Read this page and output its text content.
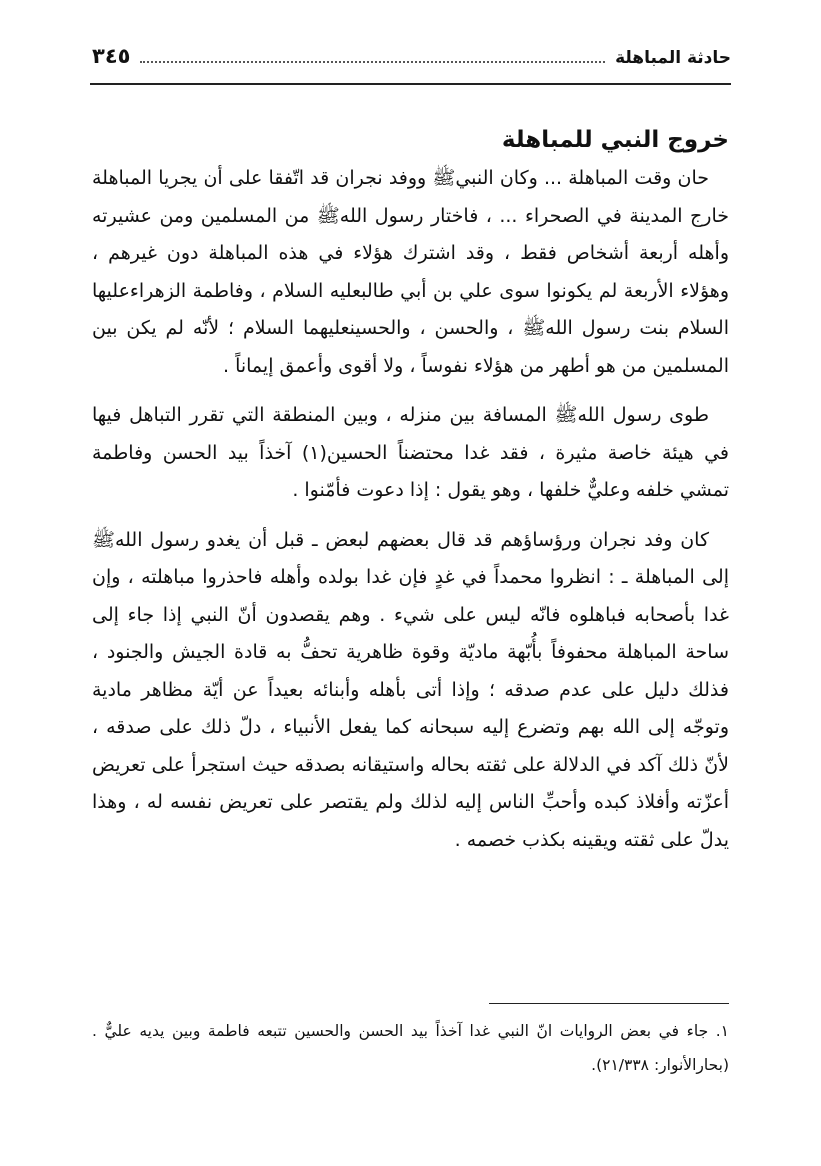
حادثة المباهلة
٣٤٥
خروج النبي للمباهلة

حان وقت المباهلة ... وكان النبيﷺ ووفد نجران قد اتّفقا على أن يجريا المباهلة خارج المدينة في الصحراء ... ، فاختار رسول اللهﷺ من المسلمين ومن عشيرته وأهله أربعة أشخاص فقط ، وقد اشترك هؤلاء في هذه المباهلة دون غيرهم ، وهؤلاء الأربعة لم يكونوا سوى علي بن أبي طالبعليه السلام ، وفاطمة الزهراءعليها السلام بنت رسول اللهﷺ ، والحسن ، والحسينعليهما السلام ؛ لأنّه لم يكن بين المسلمين من هو أطهر من هؤلاء نفوساً ، ولا أقوى وأعمق إيماناً .

طوى رسول اللهﷺ المسافة بين منزله ، وبين المنطقة التي تقرر التباهل فيها في هيئة خاصة مثيرة ، فقد غدا محتضناً الحسين(١) آخذاً بيد الحسن وفاطمة تمشي خلفه وعليٌّ خلفها ، وهو يقول : إذا دعوت فأمّنوا .

كان وفد نجران ورؤساؤهم قد قال بعضهم لبعض ـ قبل أن يغدو رسول اللهﷺ إلى المباهلة ـ : انظروا محمداً في غدٍ فإن غدا بولده وأهله فاحذروا مباهلته ، وإن غدا بأصحابه فباهلوه فانّه ليس على شيء . وهم يقصدون أنّ النبي إذا جاء إلى ساحة المباهلة محفوفاً بأُبّهة ماديّة وقوة ظاهرية تحفُّ به قادة الجيش والجنود ، فذلك دليل على عدم صدقه ؛ وإذا أتى بأهله وأبنائه بعيداً عن أيّة مظاهر مادية وتوجّه إلى الله بهم وتضرع إليه سبحانه كما يفعل الأنبياء ، دلّ ذلك على صدقه ، لأنّ ذلك آكد في الدلالة على ثقته بحاله واستيقانه بصدقه حيث استجرأ على تعريض أعزّته وأفلاذ كبده وأحبِّ الناس إليه لذلك ولم يقتصر على تعريض نفسه له ، وهذا يدلّ على ثقته ويقينه بكذب خصمه .

١. جاء في بعض الروايات انّ النبي غدا آخذاً بيد الحسن والحسين تتبعه فاطمة وبين يديه عليٌّ .(بحارالأنوار: ٢١/٣٣٨).
